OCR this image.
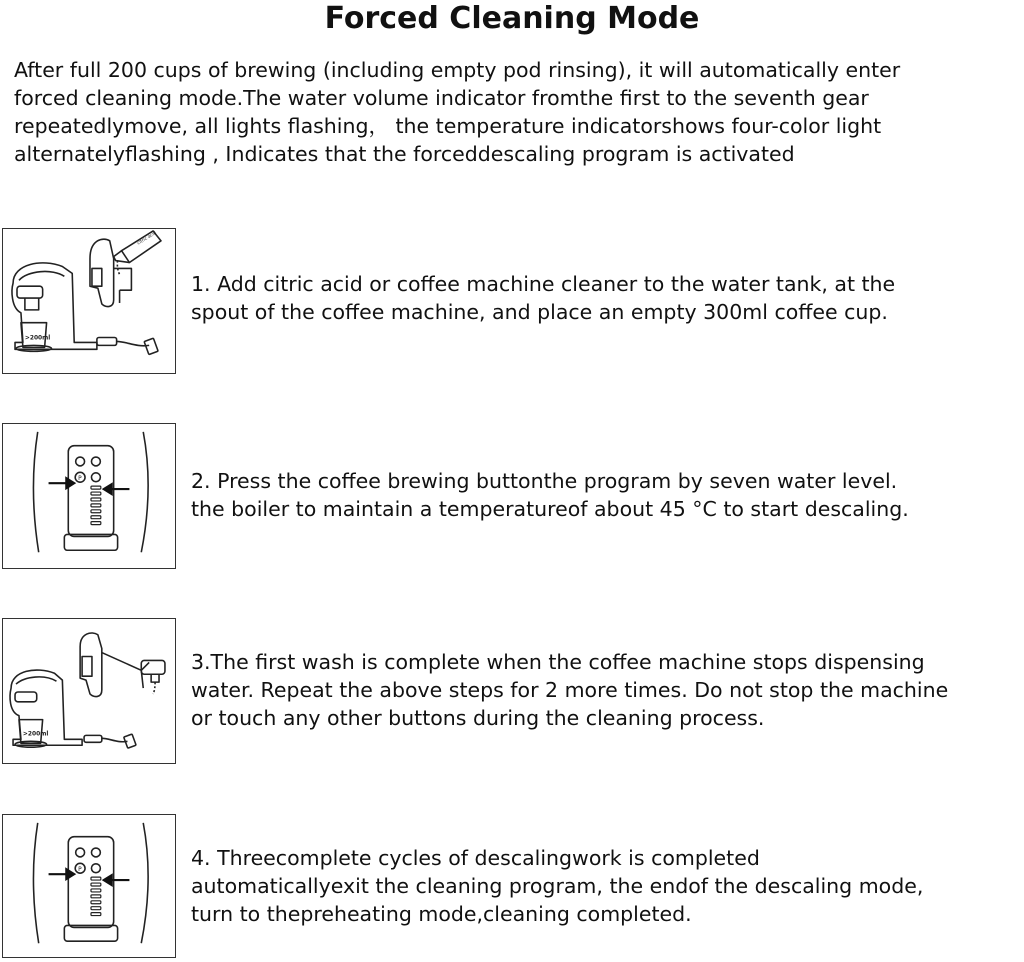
Forced Cleaning Mode
After full 200 cups of brewing (including empty pod rinsing), it will automatically enter
forced cleaning mode.The water volume indicator fromthe first to the seventh gear
repeatedlymove, all lights flashing， the temperature indicatorshows four-color light
alternatelyflashing , Indicates that the forceddescaling program is activated
citric acid
>200ml
1. Add citric acid or coffee machine cleaner to the water tank, at the
spout of the coffee machine, and place an empty 300ml coffee cup.
P	2. Press the coffee brewing buttonthe program by seven water level.
the boiler to maintain a temperatureof about 45 °C to start descaling.
>200ml
3.The first wash is complete when the coffee machine stops dispensing
water. Repeat the above steps for 2 more times. Do not stop the machine
or touch any other buttons during the cleaning process.
P
4. Threecomplete cycles of descalingwork is completed
automaticallyexit the cleaning program, the endof the descaling mode,
turn to thepreheating mode,cleaning completed.
